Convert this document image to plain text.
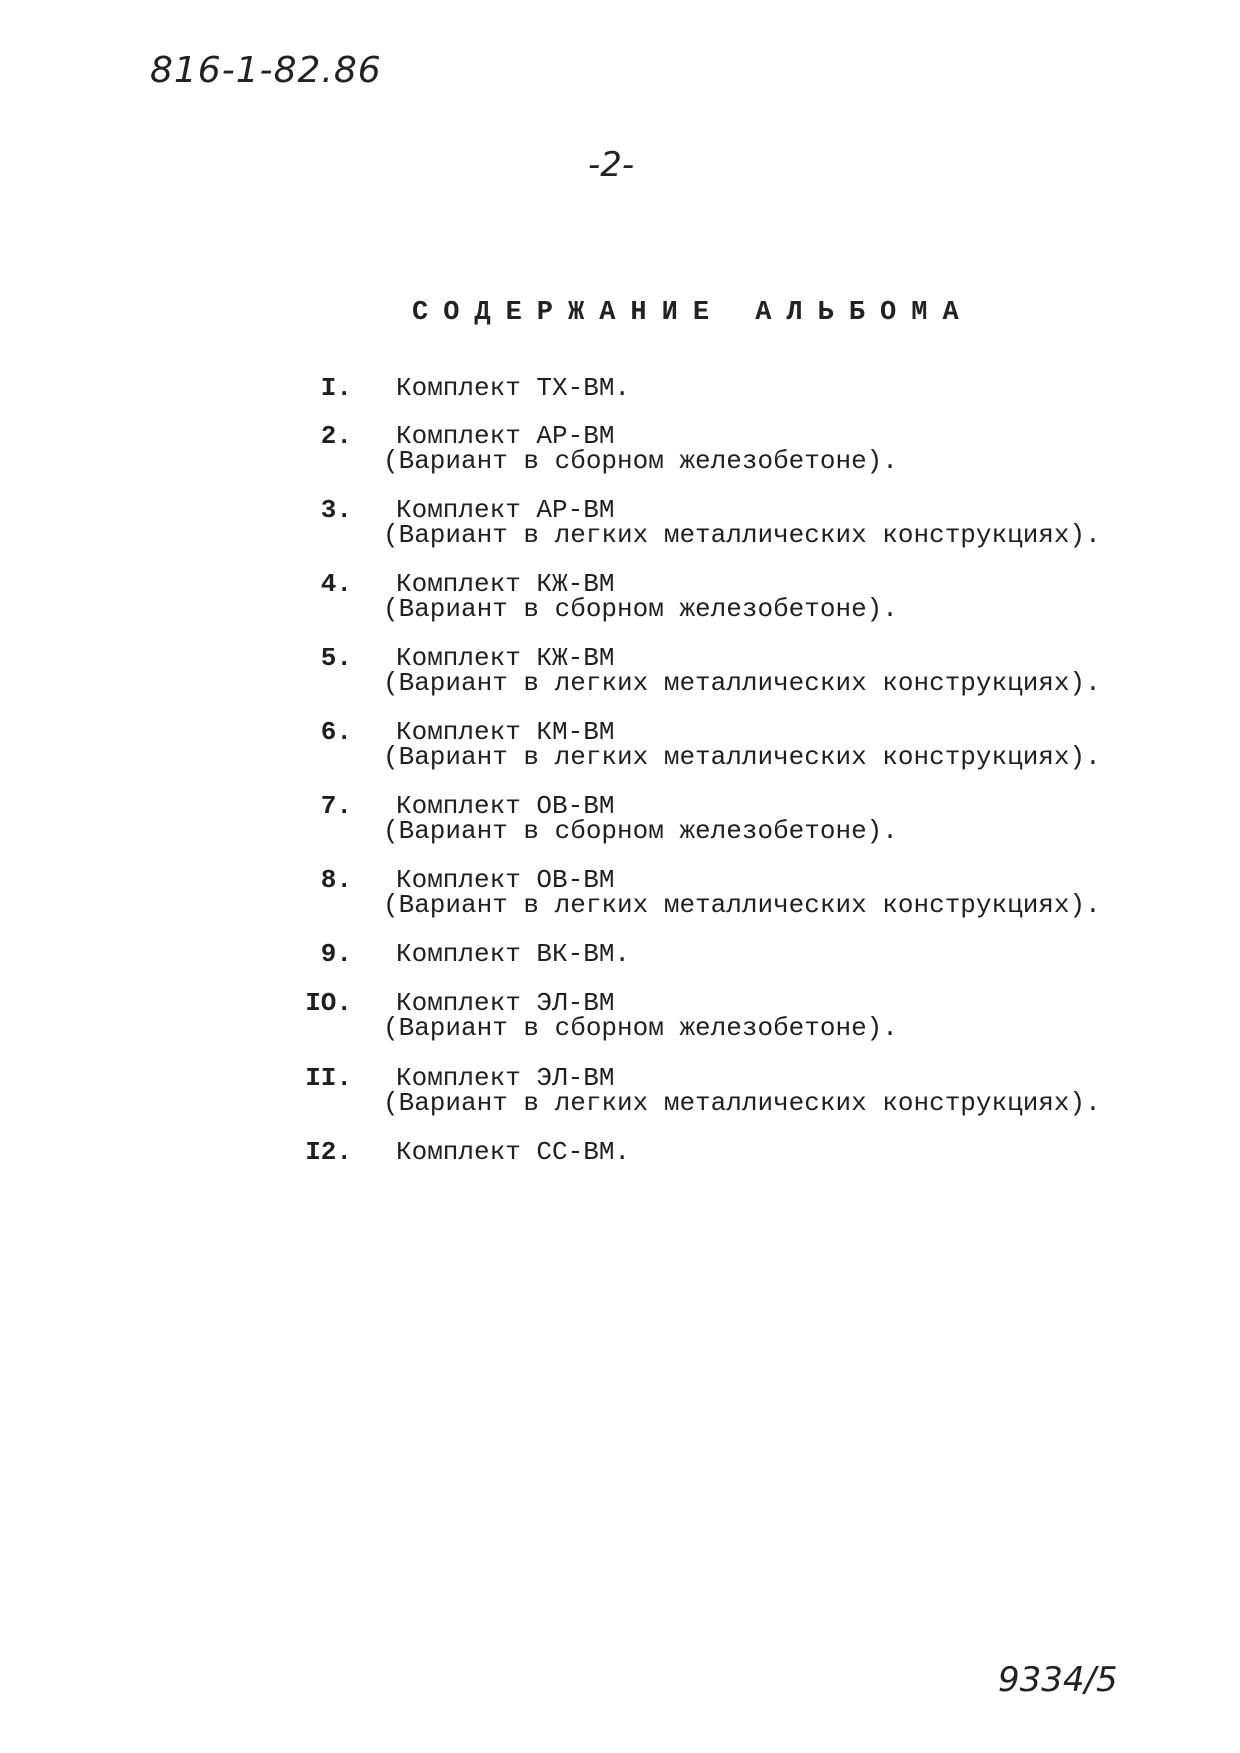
816-1-82.86
-2-
СОДЕРЖАНИЕ АЛЬБОМА
I. Комплект ТХ-ВМ.
2. Комплект АР-ВМ
(Вариант в сборном железобетоне).
3. Комплект АР-ВМ
(Вариант в легких металлических конструкциях).
4. Комплект КЖ-ВМ
(Вариант в сборном железобетоне).
5. Комплект КЖ-ВМ
(Вариант в легких металлических конструкциях).
6. Комплект КМ-ВМ
(Вариант в легких металлических конструкциях).
7. Комплект ОВ-ВМ
(Вариант в сборном железобетоне).
8. Комплект ОВ-ВМ
(Вариант в легких металлических конструкциях).
9. Комплект ВК-ВМ.
IO. Комплект ЭЛ-ВМ
(Вариант в сборном железобетоне).
II. Комплект ЭЛ-ВМ
(Вариант в легких металлических конструкциях).
I2. Комплект СС-ВМ.
9334/5
